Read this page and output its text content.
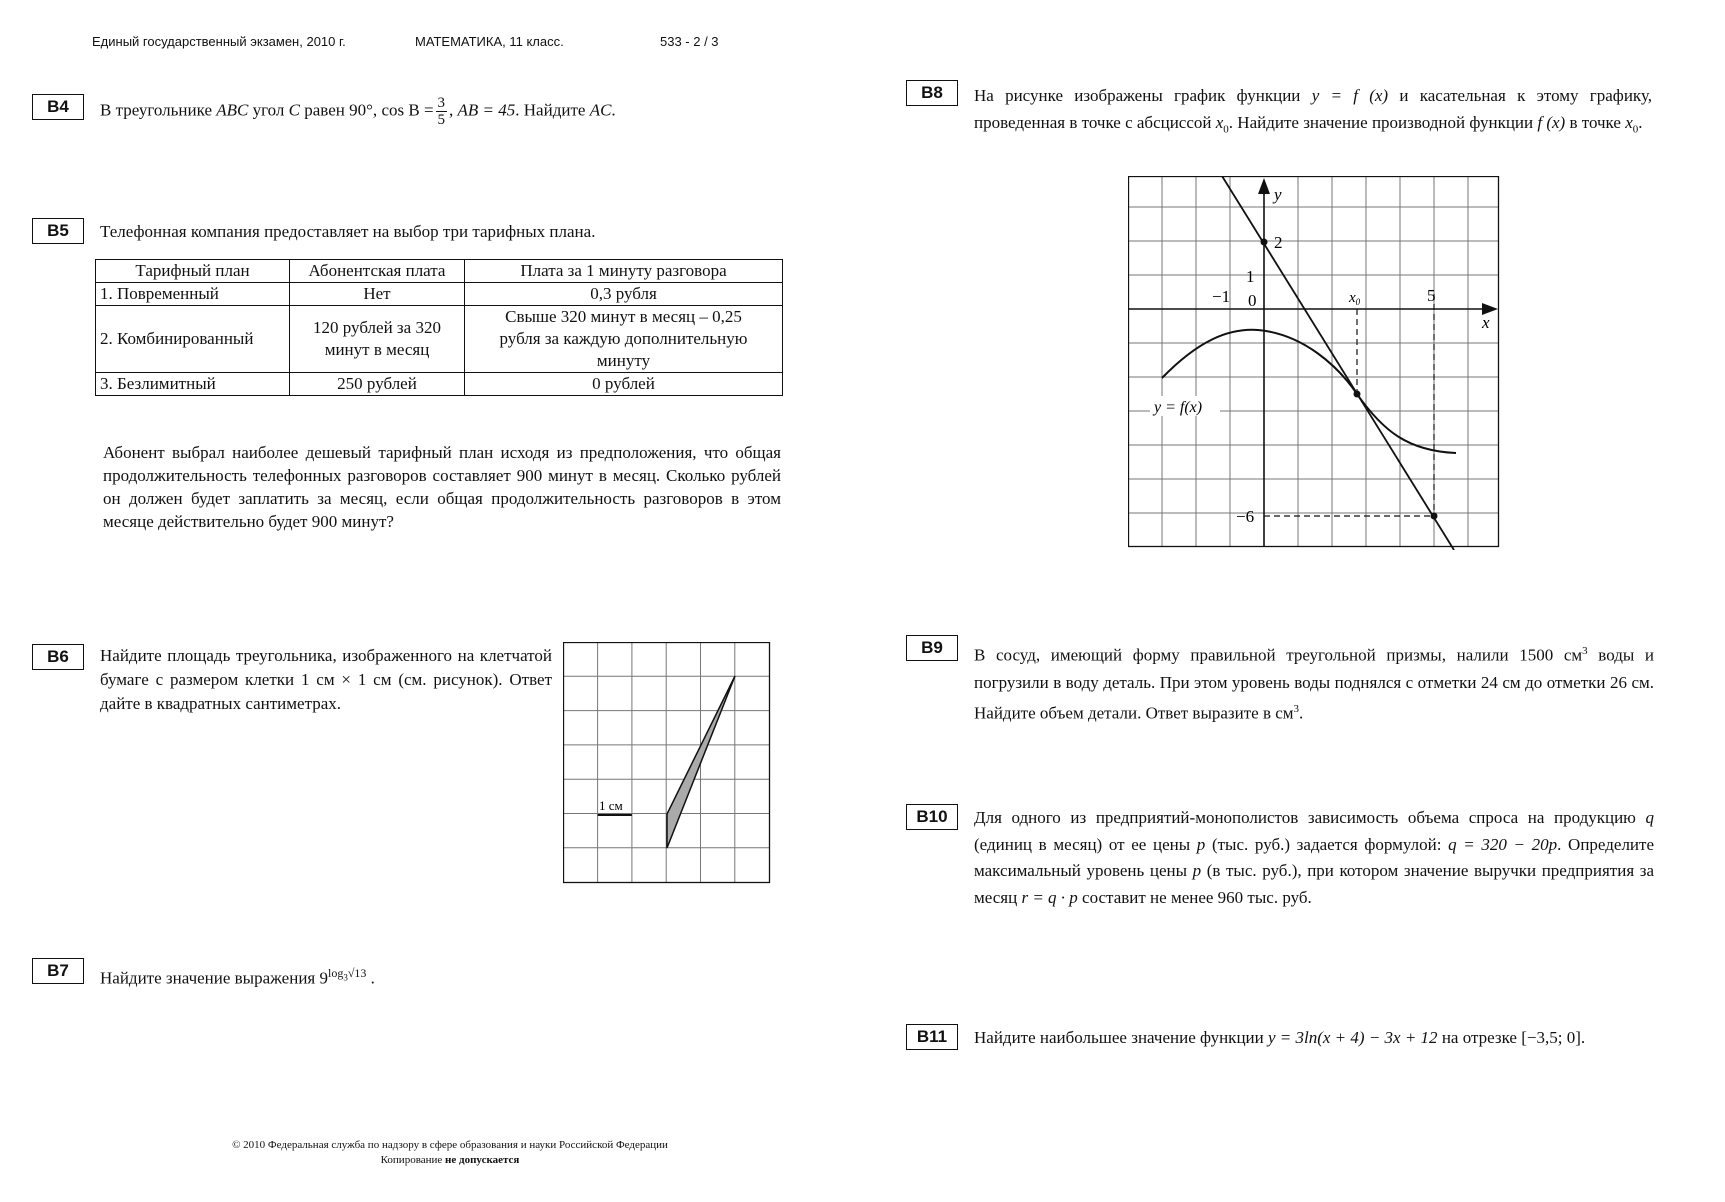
Единый государственный экзамен, 2010 г.	МАТЕМАТИКА, 11 класс.	533 - 2 / 3
B4	В треугольнике ABC угол C равен 90°, $\cos B = \frac{3}{5}$ , AB = 45. Найдите AC.
B5	Телефонная компания предоставляет на выбор три тарифных плана.
Тарифный план	Абонентская плата	Плата за 1 минуту разговора
1. Повременный	Нет	0,3 рубля
2. Комбинированный	120 рублей за 320 минут в месяц	Свыше 320 минут в месяц – 0,25 рубля за каждую дополнительную минуту
3. Безлимитный	250 рублей	0 рублей
Абонент выбрал наиболее дешевый тарифный план исходя из предположения, что общая продолжительность телефонных разговоров составляет 900 минут в месяц. Сколько рублей он должен будет заплатить за месяц, если общая продолжительность разговоров в этом месяце действительно будет 900 минут?
B6	Найдите площадь треугольника, изображенного на клетчатой бумаге с размером клетки 1 см × 1 см (см. рисунок). Ответ дайте в квадратных сантиметрах.
1 см
B7	Найдите значение выражения $9^{log_3√13}$ .
B8	На рисунке изображены график функции y = f (x) и касательная к этому графику, проведенная в точке с абсциссой $x_0$. Найдите значение производной функции f (x) в точке $x_0$.
y
x
2
1
−1 0	$x_0$	5
−6
y = f(x)
B9	В сосуд, имеющий форму правильной треугольной призмы, налили 1500 $см^3$ воды и погрузили в воду деталь. При этом уровень воды поднялся с отметки 24 см до отметки 26 см. Найдите объем детали. Ответ выразите в $см^3$.
B10	Для одного из предприятий-монополистов зависимость объема спроса на продукцию q (единиц в месяц) от ее цены p (тыс. руб.) задается формулой: q = 320 − 20p. Определите максимальный уровень цены p (в тыс. руб.), при котором значение выручки предприятия за месяц r = q · p составит не менее 960 тыс. руб.
B11	Найдите наибольшее значение функции y = 3ln(x + 4) − 3x + 12 на отрезке [−3,5; 0].
© 2010 Федеральная служба по надзору в сфере образования и науки Российской Федерации
Копирование не допускается
